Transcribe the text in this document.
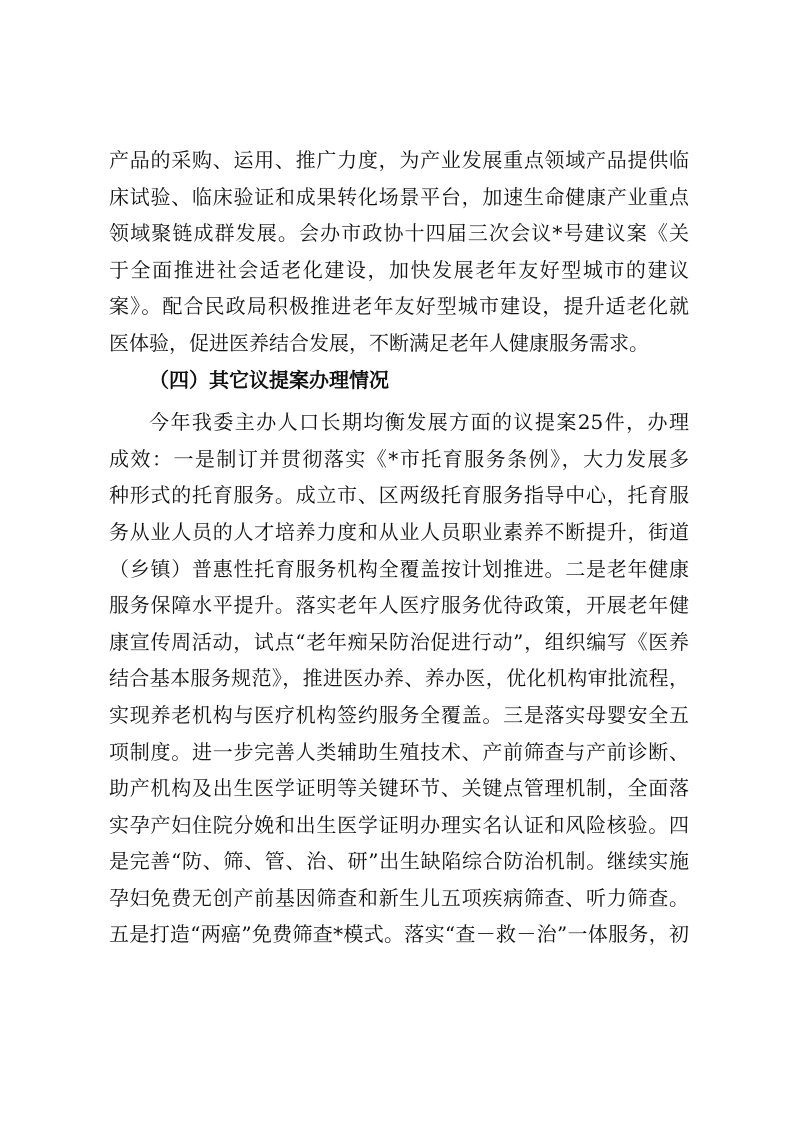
产品的采购、运用、推广力度，为产业发展重点领域产品提供临
床试验、临床验证和成果转化场景平台，加速生命健康产业重点
领域聚链成群发展。会办市政协十四届三次会议*号建议案《关
于全面推进社会适老化建设，加快发展老年友好型城市的建议
案》。配合民政局积极推进老年友好型城市建设，提升适老化就
医体验，促进医养结合发展，不断满足老年人健康服务需求。
（四）其它议提案办理情况
今年我委主办人口长期均衡发展方面的议提案25件，办理
成效：一是制订并贯彻落实《*市托育服务条例》，大力发展多
种形式的托育服务。成立市、区两级托育服务指导中心，托育服
务从业人员的人才培养力度和从业人员职业素养不断提升，街道
（乡镇）普惠性托育服务机构全覆盖按计划推进。二是老年健康
服务保障水平提升。落实老年人医疗服务优待政策，开展老年健
康宣传周活动，试点“老年痴呆防治促进行动”，组织编写《医养
结合基本服务规范》，推进医办养、养办医，优化机构审批流程，
实现养老机构与医疗机构签约服务全覆盖。三是落实母婴安全五
项制度。进一步完善人类辅助生殖技术、产前筛查与产前诊断、
助产机构及出生医学证明等关键环节、关键点管理机制，全面落
实孕产妇住院分娩和出生医学证明办理实名认证和风险核验。四
是完善“防、筛、管、治、研”出生缺陷综合防治机制。继续实施
孕妇免费无创产前基因筛查和新生儿五项疾病筛查、听力筛查。
五是打造“两癌”免费筛查*模式。落实“查－救－治”一体服务，初
